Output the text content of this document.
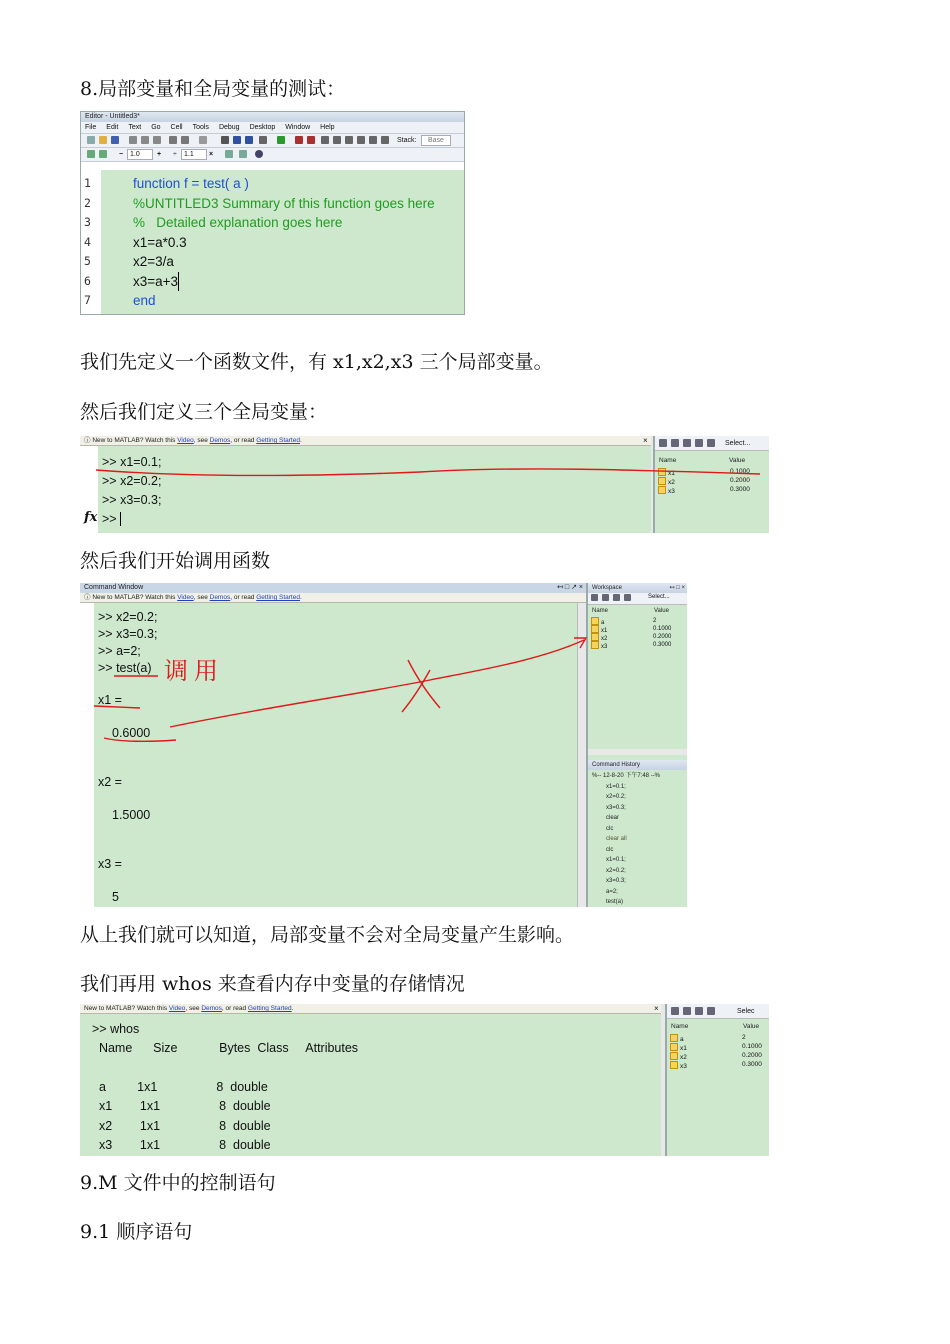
8.局部变量和全局变量的测试：
我们先定义一个函数文件，有 x1,x2,x3 三个局部变量。
然后我们定义三个全局变量：
然后我们开始调用函数
从上我们就可以知道，局部变量不会对全局变量产生影响。
我们再用 whos 来查看内存中变量的存储情况
9.M 文件中的控制语句
9.1 顺序语句
Editor - Untitled3*
File Edit Text Go Cell Tools Debug Desktop Window Help
Stack:	Base
− 1.0	+ ÷	1.1	×
1	function f = test( a )
2	%UNTITLED3 Summary of this function goes here
3	%   Detailed explanation goes here
4	x1=a*0.3
5	x2=3/a
6	x3=a+3
7	end
ⓘ New to MATLAB? Watch this Video, see Demos, or read Getting Started.	×
>> x1=0.1;
>> x2=0.2;
>> x3=0.3;
fx >>
Select...
Name	Value
x1	0.1000
x2	0.2000
x3	0.3000
Command Window	↤ □ ↗ ×
ⓘ New to MATLAB? Watch this Video, see Demos, or read Getting Started.
>> x2=0.2;
>> x3=0.3;
>> a=2;
>> test(a)
x1 =
0.6000
x2 =
1.5000
x3 =
5
调用
Workspace	↤ □ ×
Select...
Name	Value
a	2
x1	0.1000
x2	0.2000
x3	0.3000
Command History
%-- 12-8-20 下午7:48 --%
x1=0.1;
x2=0.2;
x3=0.3;
clear
clc
clear all
clc
x1=0.1;
x2=0.2;
x3=0.3;
a=2;
test(a)
New to MATLAB? Watch this Video, see Demos, or read Getting Started.	×
>> whos
Name      Size            Bytes  Class     Attributes
a         1x1                 8  double
x1        1x1                 8  double
x2        1x1                 8  double
x3        1x1                 8  double
Selec
Name	Value
a	2
x1	0.1000
x2	0.2000
x3	0.3000
